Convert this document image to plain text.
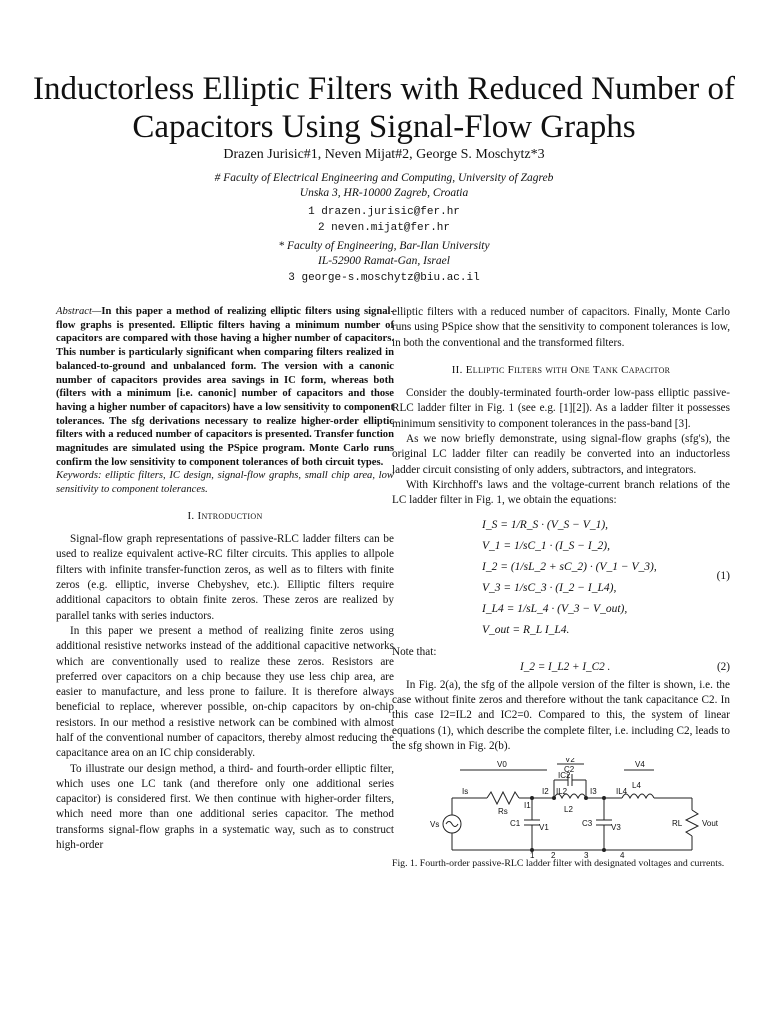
Inductorless Elliptic Filters with Reduced Number of Capacitors Using Signal-Flow Graphs
Drazen Jurisic#1, Neven Mijat#2, George S. Moschytz*3
# Faculty of Electrical Engineering and Computing, University of Zagreb
Unska 3, HR-10000 Zagreb, Croatia
1 drazen.jurisic@fer.hr
2 neven.mijat@fer.hr
* Faculty of Engineering, Bar-Ilan University
IL-52900 Ramat-Gan, Israel
3 george-s.moschytz@biu.ac.il

Abstract—In this paper a method of realizing elliptic filters using signal-flow graphs is presented. Elliptic filters having a minimum number of capacitors are compared with those having a higher number of capacitors. This number is particularly significant when comparing filters realized in balanced-to-ground and unbalanced form. The version with a canonic number of capacitors provides area savings in IC form, whereas both (filters with a minimum [i.e. canonic] number of capacitors and those having a higher number of capacitors) have a low sensitivity to component tolerances. The sfg derivations necessary to realize higher-order elliptic filters with a reduced number of capacitors is presented. Transfer function magnitudes are simulated using the PSpice program. Monte Carlo runs confirm the low sensitivity to component tolerances of both circuit types.

Keywords: elliptic filters, IC design, signal-flow graphs, small chip area, low sensitivity to component tolerances.

I. Introduction

Signal-flow graph representations of passive-RLC ladder filters can be used to realize equivalent active-RC filter circuits. This applies to allpole filters with infinite transfer-function zeros, as well as to filters with finite zeros (e.g. elliptic, inverse Chebyshev, etc.). Elliptic filters require additional capacitors to obtain finite zeros. These zeros are realized by parallel tanks with series inductors.

In this paper we present a method of realizing finite zeros using additional resistive networks instead of the additional capacitive networks which are conventionally used to realize these zeros. Resistors are preferred over capacitors on a chip because they use less chip area, are easier to manufacture, and less prone to failure. It is therefore always beneficial to replace, wherever possible, on-chip capacitors by on-chip resistors. In our method a resistive network can be combined with almost half of the conventional number of capacitors, thereby almost reducing the capacitance area on an IC chip considerably.

To illustrate our design method, a third- and fourth-order elliptic filter, which uses one LC tank (and therefore only one additional series capacitor) is considered first. We then continue with higher-order filters, which need more than one additional series capacitor. The method transforms signal-flow graphs in a systematic way, such as to construct high-order

elliptic filters with a reduced number of capacitors. Finally, Monte Carlo runs using PSpice show that the sensitivity to component tolerances is low, in both the conventional and the transformed filters.

II. Elliptic Filters with One Tank Capacitor

Consider the doubly-terminated fourth-order low-pass elliptic passive-RLC ladder filter in Fig. 1 (see e.g. [1][2]). As a ladder filter it possesses minimum sensitivity to component tolerances in the pass-band [3].

As we now briefly demonstrate, using signal-flow graphs (sfg's), the original LC ladder filter can readily be converted into an inductorless ladder circuit consisting of only adders, subtractors, and integrators.

With Kirchhoff's laws and the voltage-current branch relations of the LC ladder filter in Fig. 1, we obtain the equations:

I_S = 1/R_S · (V_S − V_1),
V_1 = 1/sC_1 · (I_S − I_2),
I_2 = (1/sL_2 + sC_2) · (V_1 − V_3),
V_3 = 1/sC_3 · (I_2 − I_L4),
I_L4 = 1/sL_4 · (V_3 − V_out),
V_out = R_L I_L4.
(1)

Note that:

I_2 = I_L2 + I_C2 .	(2)

In Fig. 2(a), the sfg of the allpole version of the filter is shown, i.e. the case without finite zeros and therefore without the tank capacitance C2. In this case I2=IL2 and IC2=0. Compared to this, the system of linear equations (1), which describe the complete filter, i.e. including C2, leads to the sfg shown in Fig. 2(b).

V0
V2
V4
Vs
Rs
C1
C2
C3
L2
L4
V1	V3	RL Vout
Is
I1
I2	I3
IL2
IC2
IL4
1 2	3	4

Fig. 1. Fourth-order passive-RLC ladder filter with designated voltages and currents.
